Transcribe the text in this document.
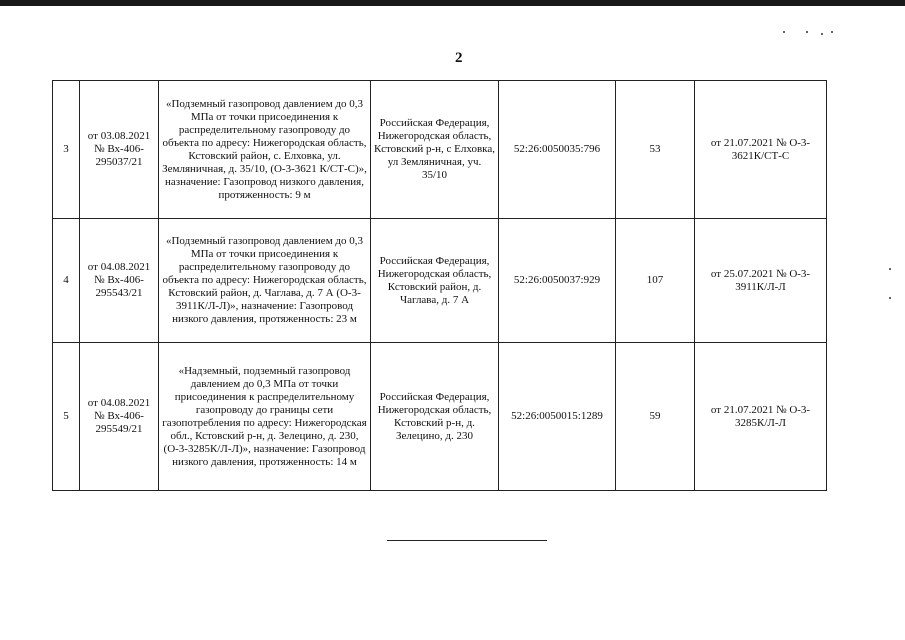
2
3	от 03.08.2021 № Вх-406-295037/21	«Подземный газопровод давлением до 0,3 МПа от точки присоединения к распределительному газопроводу до объекта по адресу: Нижегородская область, Кстовский район, с. Елховка, ул. Земляничная, д. 35/10, (О-3-3621 К/СТ-С)», назначение: Газопровод низкого давления, протяженность: 9 м	Российская Федерация, Нижегородская область, Кстовский р-н, с Елховка, ул Земляничная, уч. 35/10	52:26:0050035:796	53	от 21.07.2021 № О-3-3621К/СТ-С
4	от 04.08.2021 № Вх-406-295543/21	«Подземный газопровод давлением до 0,3 МПа от точки присоединения к распределительному газопроводу до объекта по адресу: Нижегородская область, Кстовский район, д. Чаглава, д. 7 А (О-3-3911К/Л-Л)», назначение: Газопровод низкого давления, протяженность: 23 м	Российская Федерация, Нижегородская область, Кстовский район, д. Чаглава, д. 7 А	52:26:0050037:929	107	от 25.07.2021 № О-3-3911К/Л-Л
5	от 04.08.2021 № Вх-406-295549/21	«Надземный, подземный газопровод давлением до 0,3 МПа от точки присоединения к распределительному газопроводу до границы сети газопотребления по адресу: Нижегородская обл., Кстовский р-н, д. Зелецино, д. 230, (О-3-3285К/Л-Л)», назначение: Газопровод низкого давления, протяженность: 14 м	Российская Федерация, Нижегородская область, Кстовский р-н, д. Зелецино, д. 230	52:26:0050015:1289	59	от 21.07.2021 № О-3-3285К/Л-Л
